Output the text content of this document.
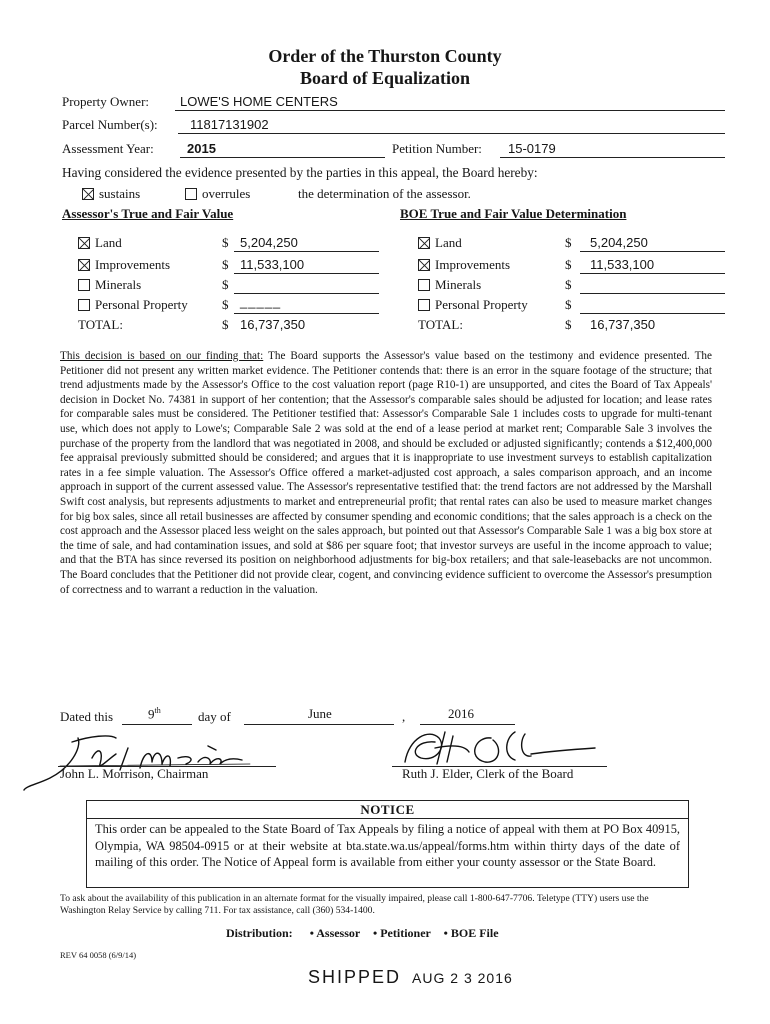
Order of the Thurston County
Board of Equalization
Property Owner: LOWE'S HOME CENTERS
Parcel Number(s): 11817131902
Assessment Year:	2015	Petition Number: 15-0179
Having considered the evidence presented by the parties in this appeal, the Board hereby:
sustains	overrules	the determination of the assessor.
Assessor's True and Fair Value	BOE True and Fair Value Determination
Land	$ 5,204,250
Improvements	$ 11,533,100
Minerals	$
Personal Property	$ _____
TOTAL:	$ 16,737,350
Land	$ 5,204,250
Improvements	$ 11,533,100
Minerals	$
Personal Property	$
TOTAL:	$ 16,737,350
This decision is based on our finding that: The Board supports the Assessor's value based on the testimony and evidence presented. The Petitioner did not present any written market evidence. The Petitioner contends that: there is an error in the square footage of the structure; that trend adjustments made by the Assessor's Office to the cost valuation report (page R10-1) are unsupported, and cites the Board of Tax Appeals' decision in Docket No. 74381 in support of her contention; that the Assessor's comparable sales should be adjusted for location; and lease rates for comparable sales must be considered. The Petitioner testified that: Assessor's Comparable Sale 1 includes costs to upgrade for multi-tenant use, which does not apply to Lowe's; Comparable Sale 2 was sold at the end of a lease period at market rent; Comparable Sale 3 involves the purchase of the property from the landlord that was negotiated in 2008, and should be excluded or adjusted significantly; contends a $12,400,000 fee appraisal previously submitted should be considered; and argues that it is inappropriate to use investment surveys to establish capitalization rates in a fee simple valuation. The Assessor's Office offered a market-adjusted cost approach, a sales comparison approach, and an income approach in support of the current assessed value. The Assessor's representative testified that: the trend factors are not addressed by the Marshall Swift cost analysis, but represents adjustments to market and entrepreneurial profit; that rental rates can also be used to measure market changes for big box sales, since all retail businesses are affected by consumer spending and economic conditions; that the sales approach is a check on the cost approach and the Assessor placed less weight on the sales approach, but pointed out that Assessor's Comparable Sale 1 was a big box store at the time of sale, and had contamination issues, and sold at $86 per square foot; that investor surveys are useful in the income approach to value; and that the BTA has since reversed its position on neighborhood adjustments for big-box retailers; and that sale-leasebacks are not uncommon. The Board concludes that the Petitioner did not provide clear, cogent, and convincing evidence sufficient to overcome the Assessor's presumption of correctness and to warrant a reduction in the valuation.
Dated this	9th	day of	June	,	2016
John L. Morrison, Chairman	Ruth J. Elder, Clerk of the Board
NOTICE
This order can be appealed to the State Board of Tax Appeals by filing a notice of appeal with them at PO Box 40915, Olympia, WA 98504-0915 or at their website at bta.state.wa.us/appeal/forms.htm within thirty days of the date of mailing of this order. The Notice of Appeal form is available from either your county assessor or the State Board.
To ask about the availability of this publication in an alternate format for the visually impaired, please call 1-800-647-7706. Teletype (TTY) users use the Washington Relay Service by calling 711. For tax assistance, call (360) 534-1400.
Distribution: • Assessor • Petitioner • BOE File
REV 64 0058 (6/9/14)
SHIPPED AUG 2 3 2016
